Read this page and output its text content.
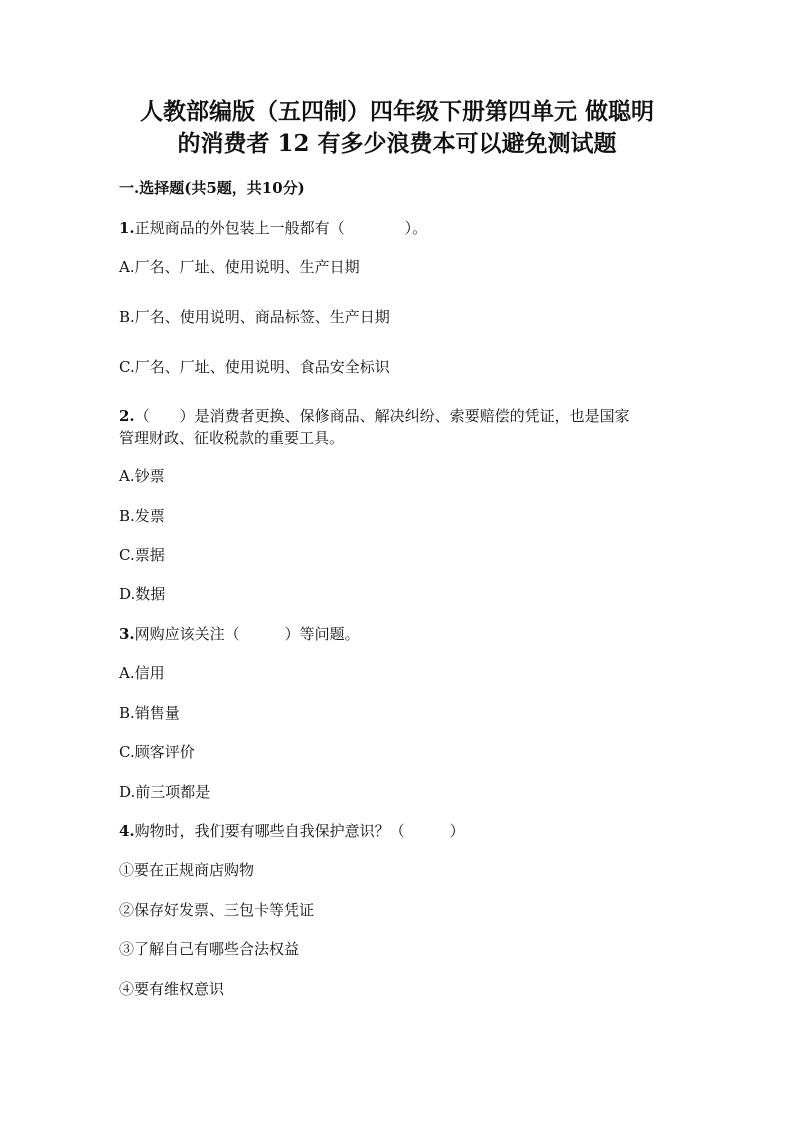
人教部编版（五四制）四年级下册第四单元 做聪明
的消费者 12 有多少浪费本可以避免测试题
一.选择题(共5题，共10分)
1.正规商品的外包装上一般都有（　　　　）。
A.厂名、厂址、使用说明、生产日期
B.厂名、使用说明、商品标签、生产日期
C.厂名、厂址、使用说明、食品安全标识
2.（　　）是消费者更换、保修商品、解决纠纷、索要赔偿的凭证，也是国家
管理财政、征收税款的重要工具。
A.钞票
B.发票
C.票据
D.数据
3.网购应该关注（　　　）等问题。
A.信用
B.销售量
C.顾客评价
D.前三项都是
4.购物时，我们要有哪些自我保护意识？（　　　）
①要在正规商店购物
②保存好发票、三包卡等凭证
③了解自己有哪些合法权益
④要有维权意识
